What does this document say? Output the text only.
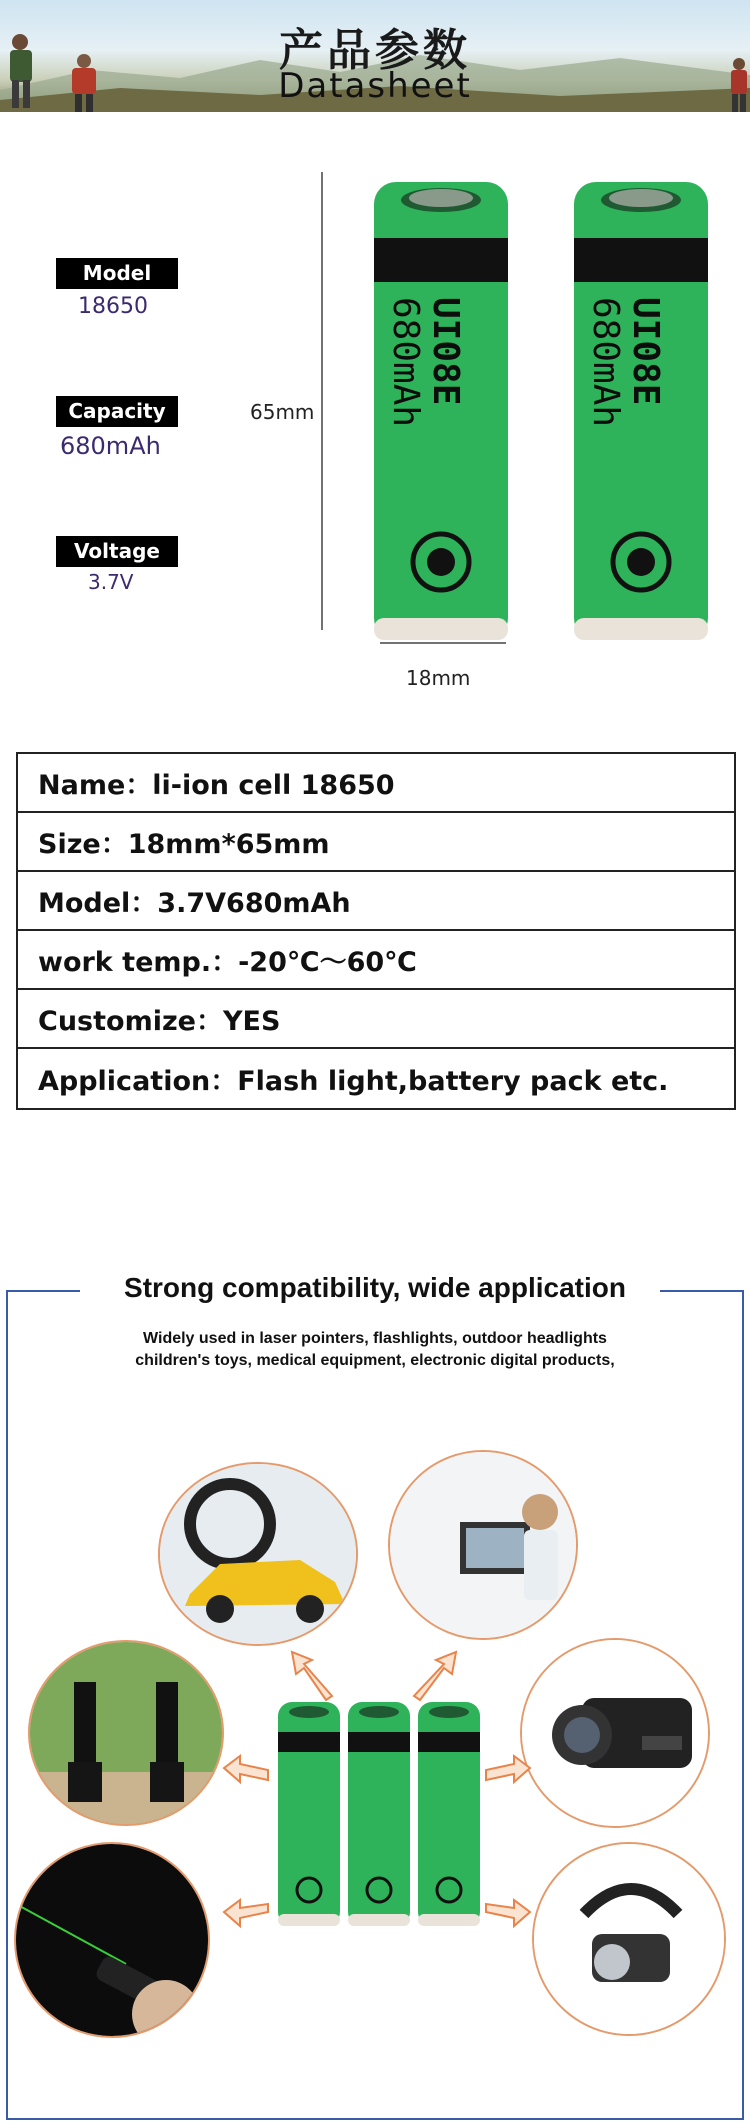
产品参数
Datasheet
Model
18650
Capacity
680mAh
Voltage
3.7V
65mm
18mm
UI08E
680mAh	UI08E
680mAh
Name：li-ion cell 18650
Size：18mm*65mm
Model：3.7V680mAh
work temp.：-20℃～60℃
Customize：YES
Application：Flash light,battery pack etc.
Strong compatibility, wide application
Widely used in laser pointers, flashlights, outdoor headlights
children's toys, medical equipment, electronic digital products,
